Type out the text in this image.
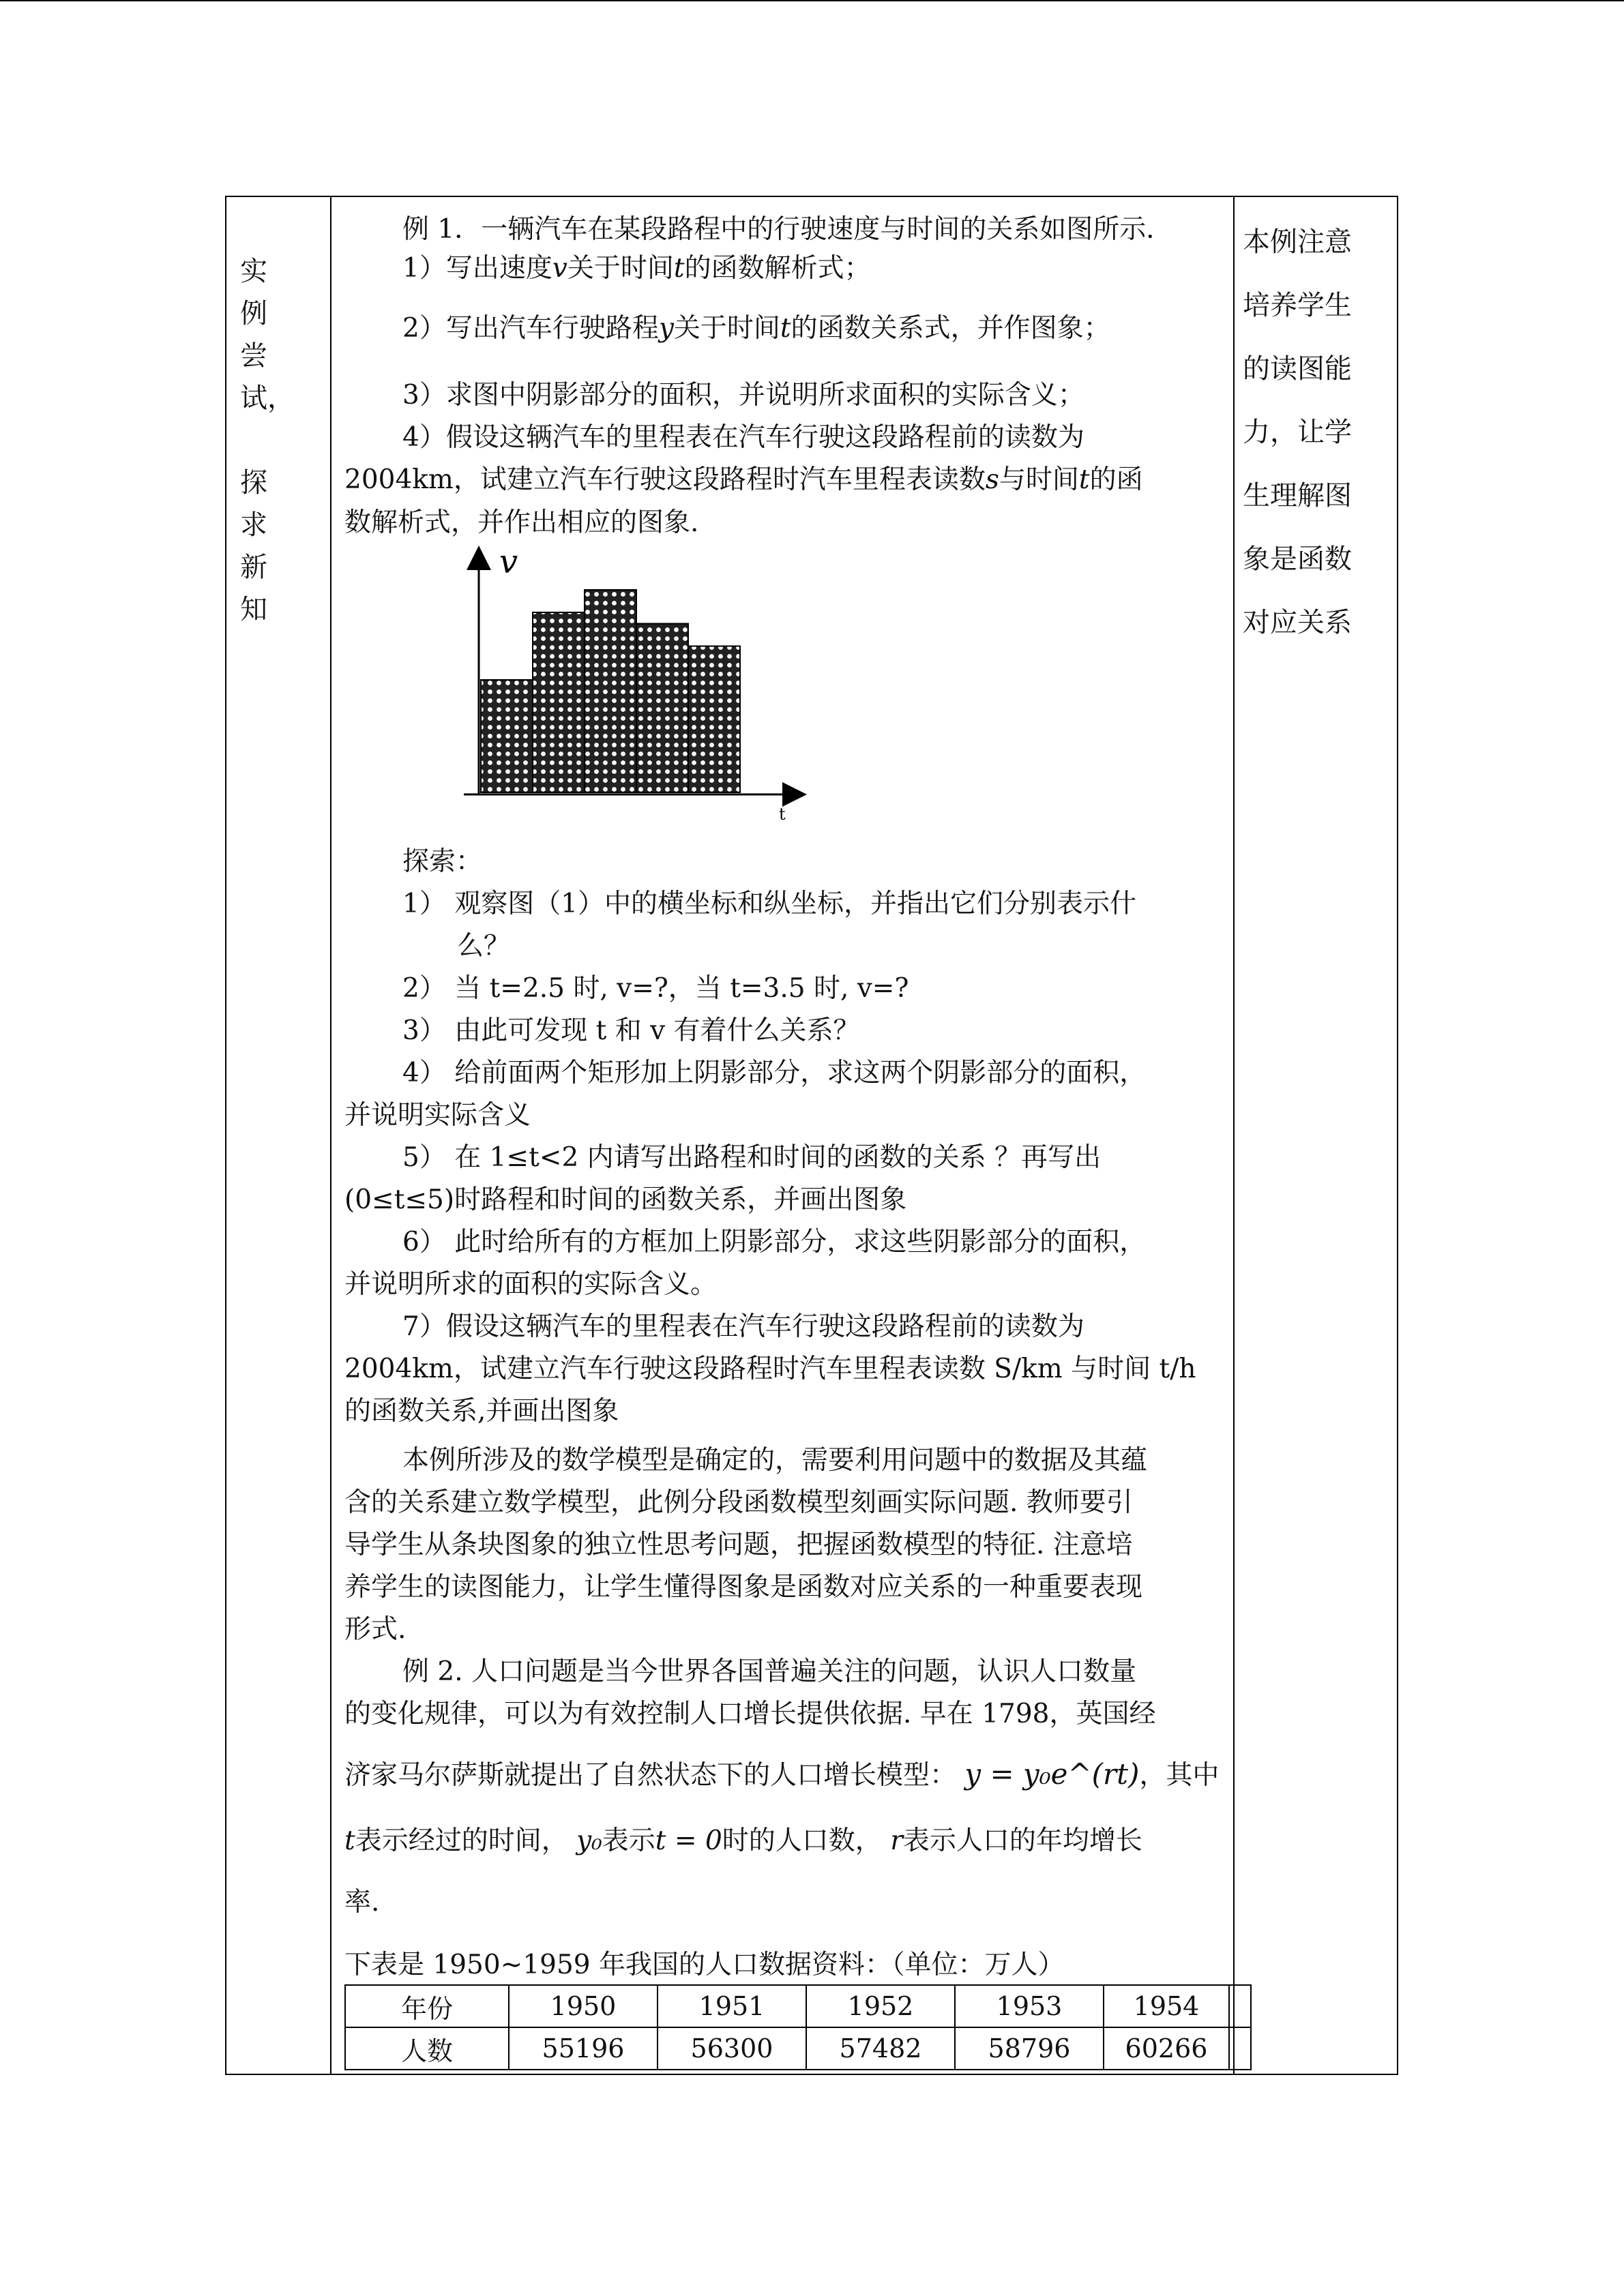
实
例
尝
试，
探
求
新
知

本例注意
培养学生
的读图能
力，让学
生理解图
象是函数
对应关系
例 1．一辆汽车在某段路程中的行驶速度与时间的关系如图所示．
1）写出速度v关于时间t的函数解析式；
2）写出汽车行驶路程y关于时间t的函数关系式，并作图象；
3）求图中阴影部分的面积，并说明所求面积的实际含义；
4）假设这辆汽车的里程表在汽车行驶这段路程前的读数为
2004km，试建立汽车行驶这段路程时汽车里程表读数s与时间t的函
数解析式，并作出相应的图象.
v
t
探索：
1） 观察图（1）中的横坐标和纵坐标，并指出它们分别表示什
么？
2） 当 t=2.5 时, v=?，当 t=3.5 时, v=?
3） 由此可发现 t 和 v 有着什么关系？
4） 给前面两个矩形加上阴影部分，求这两个阴影部分的面积，
并说明实际含义
5） 在 1≤t<2 内请写出路程和时间的函数的关系 ？再写出
(0≤t≤5)时路程和时间的函数关系，并画出图象
6） 此时给所有的方框加上阴影部分，求这些阴影部分的面积，
并说明所求的面积的实际含义。
7）假设这辆汽车的里程表在汽车行驶这段路程前的读数为
2004km，试建立汽车行驶这段路程时汽车里程表读数 S/km 与时间 t/h
的函数关系,并画出图象
本例所涉及的数学模型是确定的，需要利用问题中的数据及其蕴
含的关系建立数学模型，此例分段函数模型刻画实际问题. 教师要引
导学生从条块图象的独立性思考问题，把握函数模型的特征. 注意培
养学生的读图能力，让学生懂得图象是函数对应关系的一种重要表现
形式.
例 2. 人口问题是当今世界各国普遍关注的问题，认识人口数量
的变化规律，可以为有效控制人口增长提供依据. 早在 1798，英国经
济家马尔萨斯就提出了自然状态下的人口增长模型： y = y₀e^(rt)，其中
t表示经过的时间， y₀表示t = 0时的人口数， r表示人口的年均增长
率.
下表是 1950~1959 年我国的人口数据资料：（单位：万人）
年份	1950	1951	1952	1953	1954	
人数	55196	56300	57482	58796	60266	
